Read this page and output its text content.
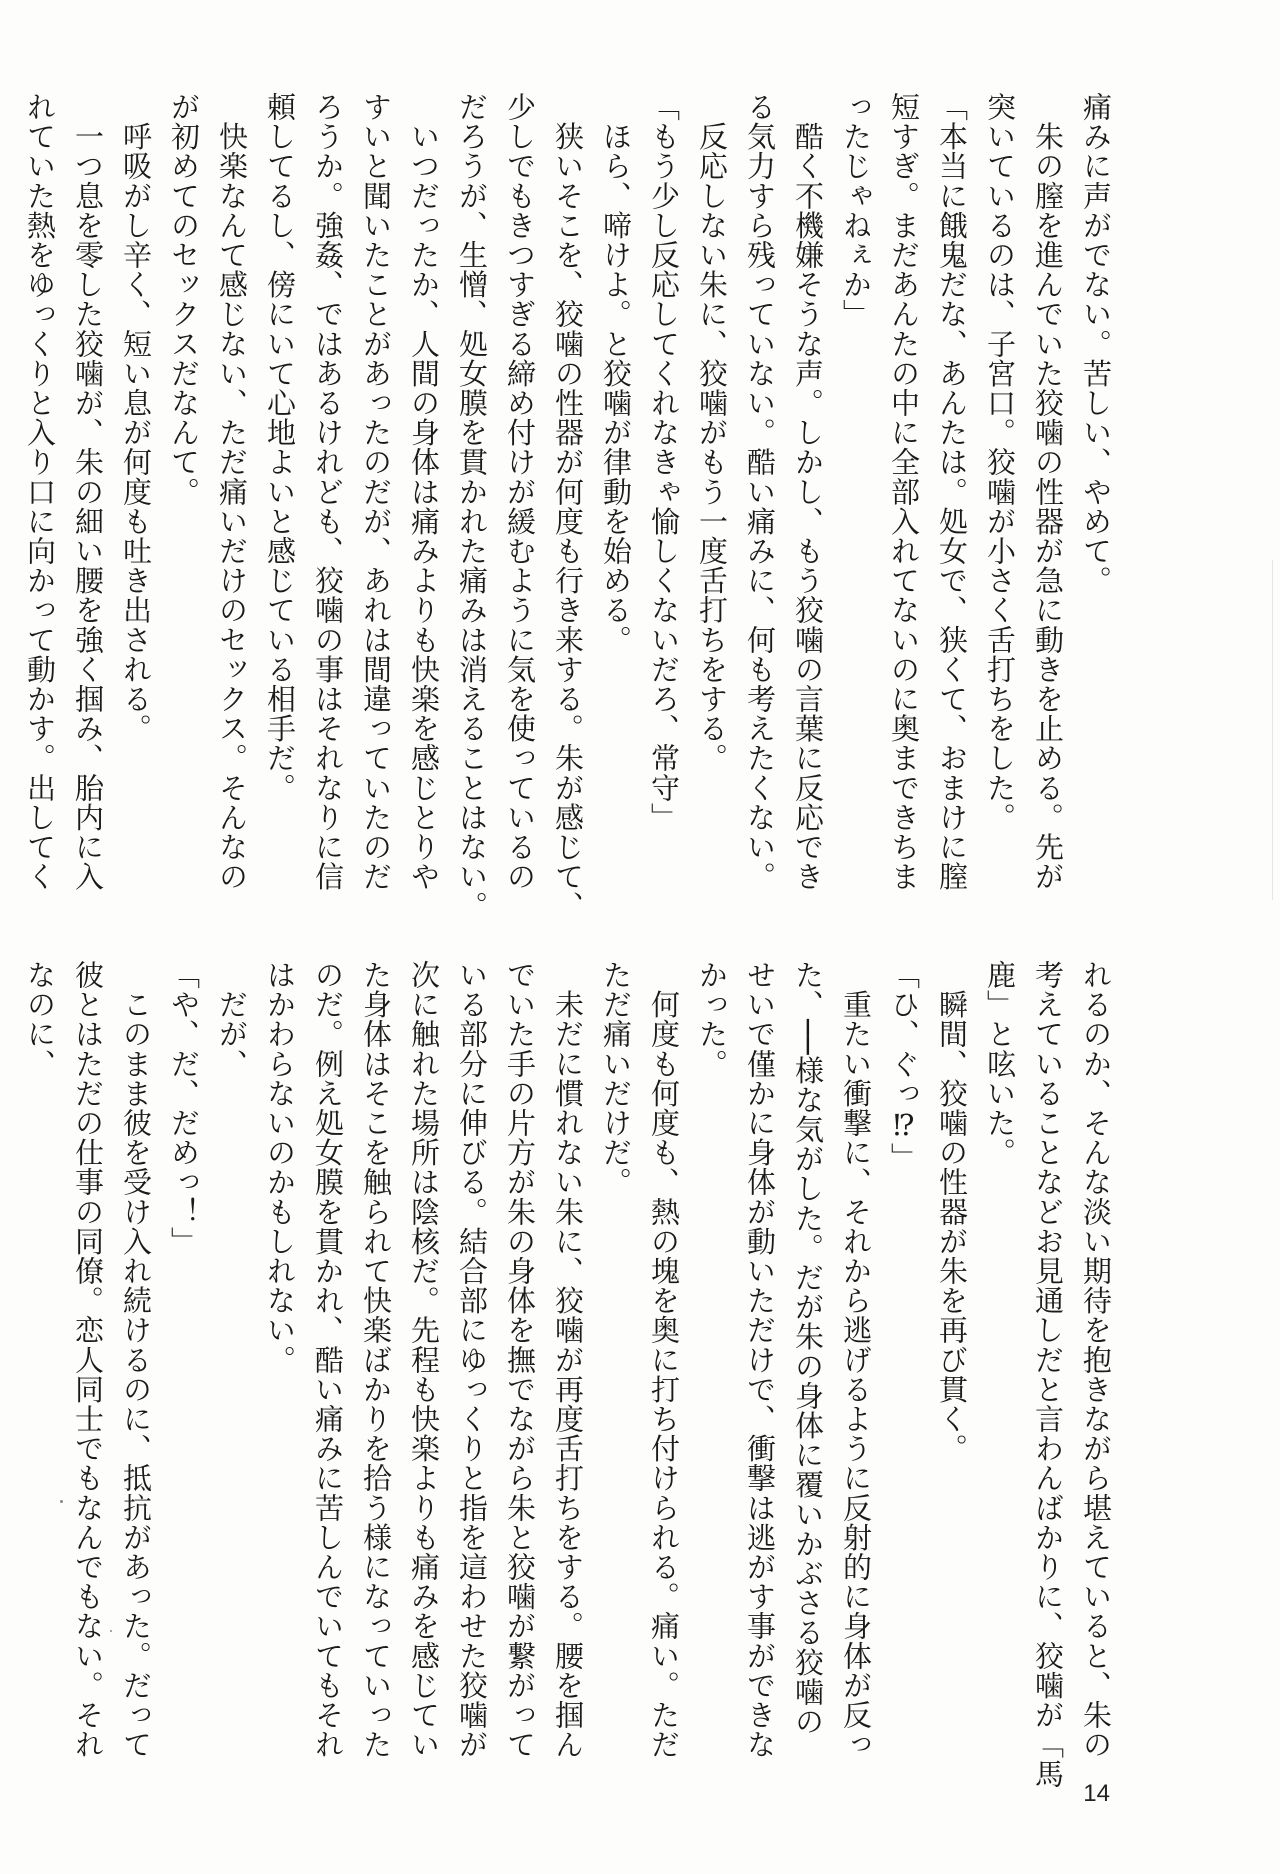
痛みに声がでない。苦しい、やめて。
　朱の膣を進んでいた狡噛の性器が急に動きを止める。先が
突いているのは、子宮口。狡噛が小さく舌打ちをした。
「本当に餓鬼だな、あんたは。処女で、狭くて、おまけに膣
短すぎ。まだあんたの中に全部入れてないのに奥まできちま
ったじゃねぇか」
　酷く不機嫌そうな声。しかし、もう狡噛の言葉に反応でき
る気力すら残っていない。酷い痛みに、何も考えたくない。
　反応しない朱に、狡噛がもう一度舌打ちをする。
「もう少し反応してくれなきゃ愉しくないだろ、常守」
　ほら、啼けよ。と狡噛が律動を始める。
　狭いそこを、狡噛の性器が何度も行き来する。朱が感じて、
少しでもきつすぎる締め付けが緩むように気を使っているの
だろうが、生憎、処女膜を貫かれた痛みは消えることはない。
　いつだったか、人間の身体は痛みよりも快楽を感じとりや
すいと聞いたことがあったのだが、あれは間違っていたのだ
ろうか。強姦、ではあるけれども、狡噛の事はそれなりに信
頼してるし、傍にいて心地よいと感じている相手だ。
　快楽なんて感じない、ただ痛いだけのセックス。そんなの
が初めてのセックスだなんて。
　呼吸がし辛く、短い息が何度も吐き出される。
　一つ息を零した狡噛が、朱の細い腰を強く掴み、胎内に入
れていた熱をゆっくりと入り口に向かって動かす。出してく
れるのか、そんな淡い期待を抱きながら堪えていると、朱の
考えていることなどお見通しだと言わんばかりに、狡噛が「馬
鹿」と呟いた。
　瞬間、狡噛の性器が朱を再び貫く。
「ひ、ぐっ⁉」
　重たい衝撃に、それから逃げるように反射的に身体が反っ
た、──様な気がした。だが朱の身体に覆いかぶさる狡噛の
せいで僅かに身体が動いただけで、衝撃は逃がす事ができな
かった。
　何度も何度も、熱の塊を奥に打ち付けられる。痛い。ただ
ただ痛いだけだ。
　未だに慣れない朱に、狡噛が再度舌打ちをする。腰を掴ん
でいた手の片方が朱の身体を撫でながら朱と狡噛が繋がって
いる部分に伸びる。結合部にゆっくりと指を這わせた狡噛が
次に触れた場所は陰核だ。先程も快楽よりも痛みを感じてい
た身体はそこを触られて快楽ばかりを拾う様になっていった
のだ。例え処女膜を貫かれ、酷い痛みに苦しんでいてもそれ
はかわらないのかもしれない。
　だが、
「や、だ、だめっ！」
　このまま彼を受け入れ続けるのに、抵抗があった。だって
彼とはただの仕事の同僚。恋人同士でもなんでもない。それ
なのに、
14
